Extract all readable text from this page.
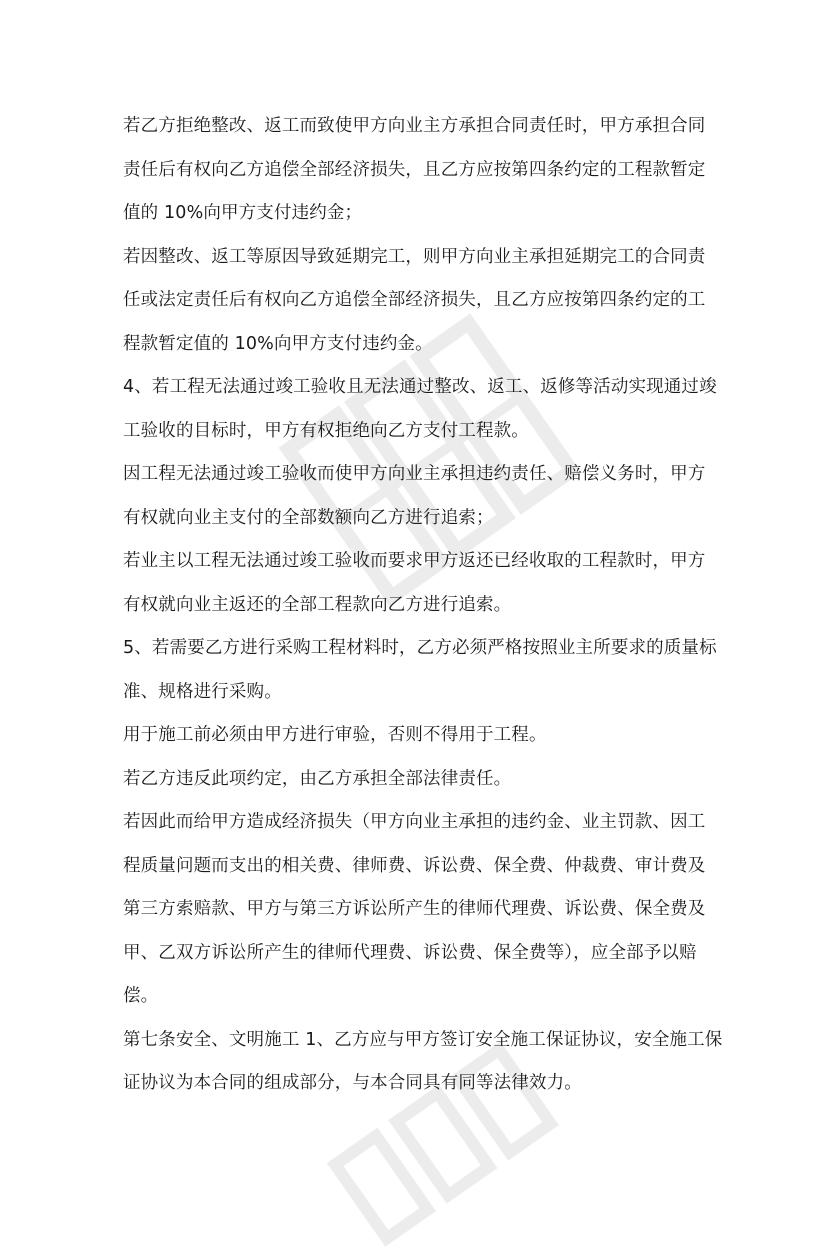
若乙方拒绝整改、返工而致使甲方向业主方承担合同责任时，甲方承担合同责任后有权向乙方追偿全部经济损失，且乙方应按第四条约定的工程款暂定值的 10%向甲方支付违约金；

若因整改、返工等原因导致延期完工，则甲方向业主承担延期完工的合同责任或法定责任后有权向乙方追偿全部经济损失，且乙方应按第四条约定的工程款暂定值的 10%向甲方支付违约金。

4、若工程无法通过竣工验收且无法通过整改、返工、返修等活动实现通过竣工验收的目标时，甲方有权拒绝向乙方支付工程款。

因工程无法通过竣工验收而使甲方向业主承担违约责任、赔偿义务时，甲方有权就向业主支付的全部数额向乙方进行追索；

若业主以工程无法通过竣工验收而要求甲方返还已经收取的工程款时，甲方有权就向业主返还的全部工程款向乙方进行追索。

5、若需要乙方进行采购工程材料时，乙方必须严格按照业主所要求的质量标准、规格进行采购。

用于施工前必须由甲方进行审验，否则不得用于工程。

若乙方违反此项约定，由乙方承担全部法律责任。

若因此而给甲方造成经济损失（甲方向业主承担的违约金、业主罚款、因工程质量问题而支出的相关费、律师费、诉讼费、保全费、仲裁费、审计费及第三方索赔款、甲方与第三方诉讼所产生的律师代理费、诉讼费、保全费及甲、乙双方诉讼所产生的律师代理费、诉讼费、保全费等），应全部予以赔偿。

第七条安全、文明施工 1、乙方应与甲方签订安全施工保证协议，安全施工保证协议为本合同的组成部分，与本合同具有同等法律效力。
